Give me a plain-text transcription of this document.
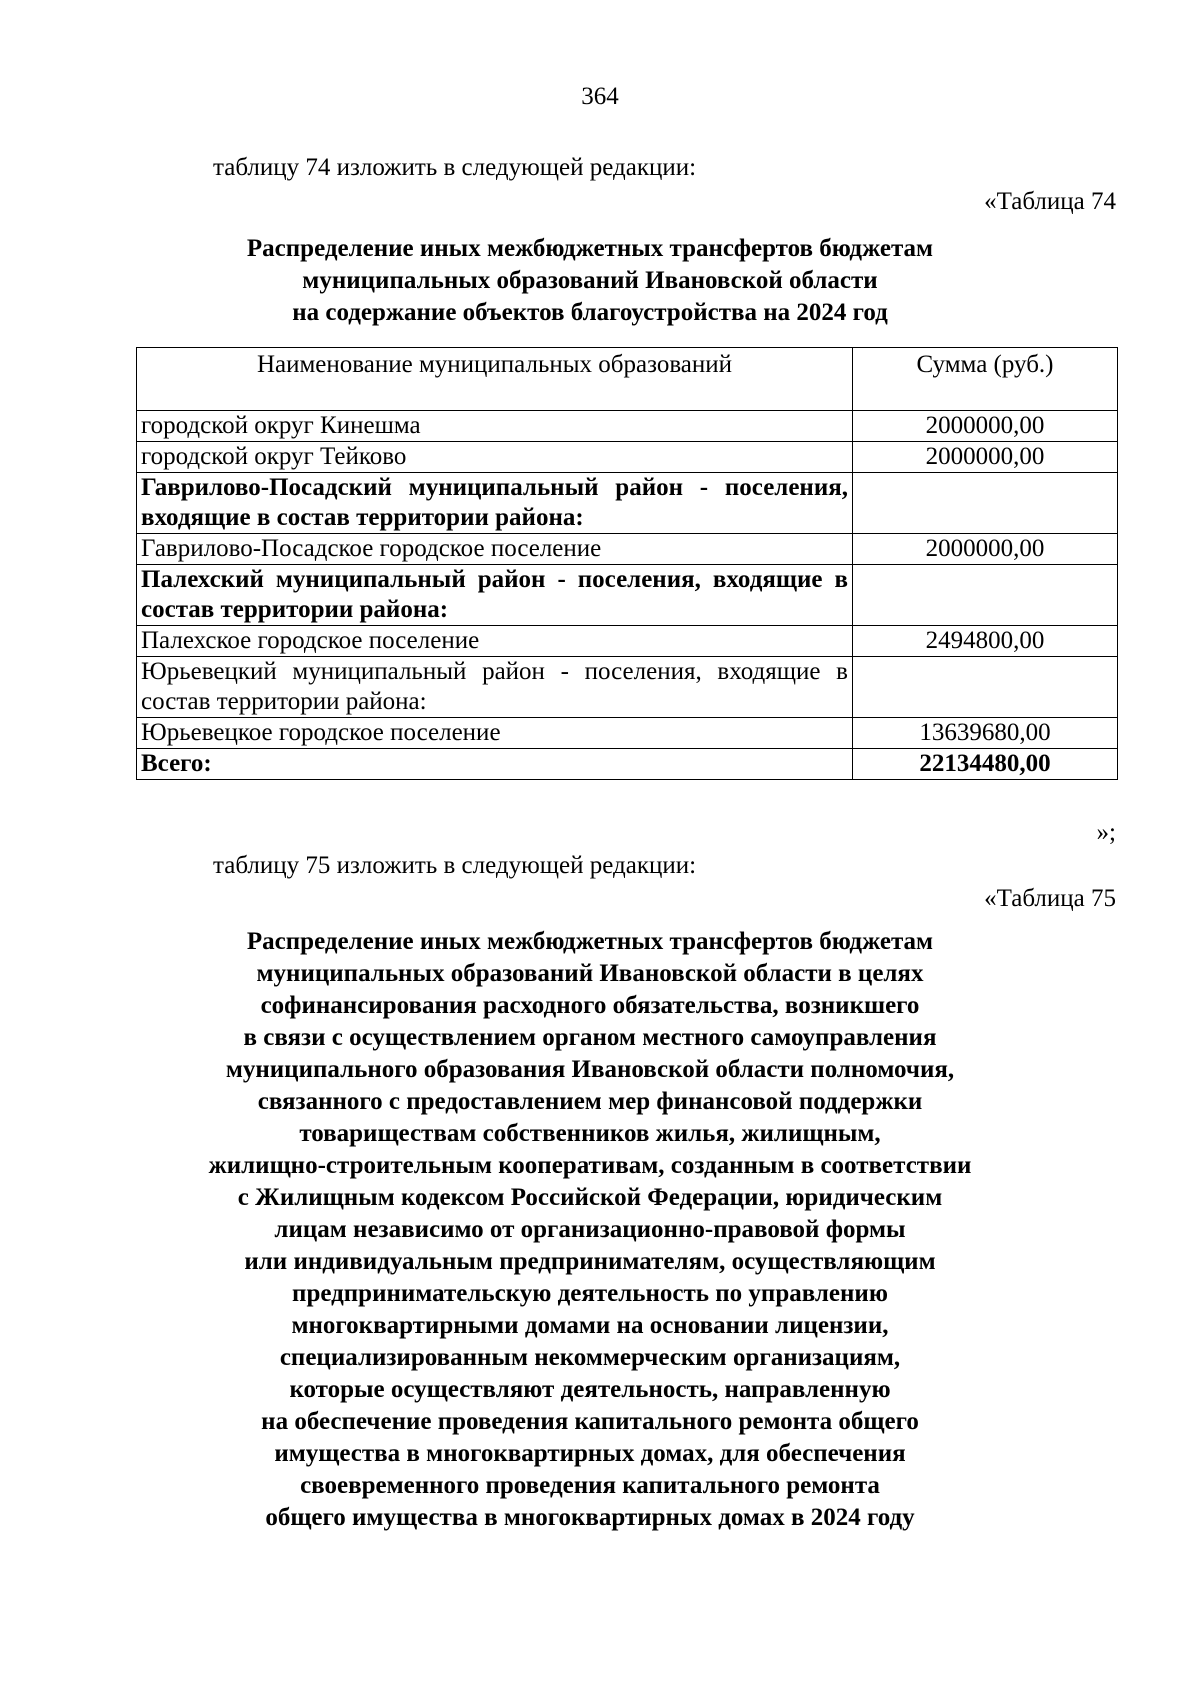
364
таблицу 74 изложить в следующей редакции:
«Таблица 74
Распределение иных межбюджетных трансфертов бюджетам
муниципальных образований Ивановской области
на содержание объектов благоустройства на 2024 год
Наименование муниципальных образований	Сумма (руб.)
городской округ Кинешма	2000000,00
городской округ Тейково	2000000,00
Гаврилово-Посадский муниципальный район - поселения, входящие в состав территории района:	
Гаврилово-Посадское городское поселение	2000000,00
Палехский муниципальный район - поселения, входящие в состав территории района:	
Палехское городское поселение	2494800,00
Юрьевецкий муниципальный район - поселения, входящие в состав территории района:	
Юрьевецкое городское поселение	13639680,00
Всего:	22134480,00
»;
таблицу 75 изложить в следующей редакции:
«Таблица 75
Распределение иных межбюджетных трансфертов бюджетам
муниципальных образований Ивановской области в целях
софинансирования расходного обязательства, возникшего
в связи с осуществлением органом местного самоуправления
муниципального образования Ивановской области полномочия,
связанного с предоставлением мер финансовой поддержки
товариществам собственников жилья, жилищным,
жилищно-строительным кооперативам, созданным в соответствии
с Жилищным кодексом Российской Федерации, юридическим
лицам независимо от организационно-правовой формы
или индивидуальным предпринимателям, осуществляющим
предпринимательскую деятельность по управлению
многоквартирными домами на основании лицензии,
специализированным некоммерческим организациям,
которые осуществляют деятельность, направленную
на обеспечение проведения капитального ремонта общего
имущества в многоквартирных домах, для обеспечения
своевременного проведения капитального ремонта
общего имущества в многоквартирных домах в 2024 году
